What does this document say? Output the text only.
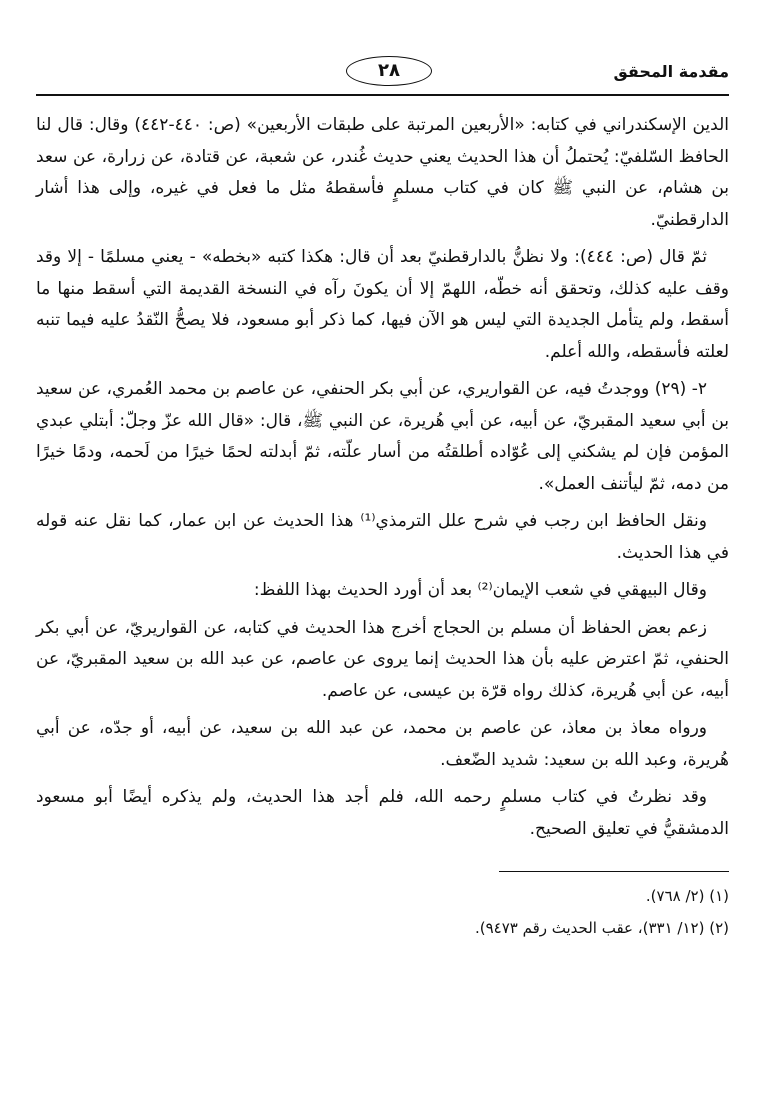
مقدمة المحقق
٢٨

الدين الإسكندراني في كتابه: «الأربعين المرتبة على طبقات الأربعين» (ص: ٤٤٠-٤٤٢) وقال: قال لنا الحافظ السّلفيّ: يُحتملُ أن هذا الحديث يعني حديث غُندر، عن شعبة، عن قتادة، عن زرارة، عن سعد بن هشام، عن النبي ﷺ كان في كتاب مسلمٍ فأسقطهُ مثل ما فعل في غيره، وإلى هذا أشار الدارقطنيّ.

ثمّ قال (ص: ٤٤٤): ولا نظنُّ بالدارقطنيّ بعد أن قال: هكذا كتبه «بخطه» - يعني مسلمًا - إلا وقد وقف عليه كذلك، وتحقق أنه خطّه، اللهمّ إلا أن يكونَ رآه في النسخة القديمة التي أسقط منها ما أسقط، ولم يتأمل الجديدة التي ليس هو الآن فيها، كما ذكر أبو مسعود، فلا يصحُّ النّقدُ عليه فيما تنبه لعلته فأسقطه، والله أعلم.

٢- (٢٩) ووجدتُ فيه، عن القواريري، عن أبي بكر الحنفي، عن عاصم بن محمد العُمري، عن سعيد بن أبي سعيد المقبريّ، عن أبيه، عن أبي هُريرة، عن النبي ﷺ، قال: «قال الله عزّ وجلّ: أبتلي عبدي المؤمن فإن لم يشكني إلى عُوّاده أطلقتُه من أسار علّته، ثمّ أبدلته لحمًا خيرًا من لَحمه، ودمًا خيرًا من دمه، ثمّ ليأتنف العمل».

ونقل الحافظ ابن رجب في شرح علل الترمذي⁽¹⁾ هذا الحديث عن ابن عمار، كما نقل عنه قوله في هذا الحديث.

وقال البيهقي في شعب الإيمان⁽²⁾ بعد أن أورد الحديث بهذا اللفظ:

زعم بعض الحفاظ أن مسلم بن الحجاج أخرج هذا الحديث في كتابه، عن القواريريّ، عن أبي بكر الحنفي، ثمّ اعترض عليه بأن هذا الحديث إنما يروى عن عاصم، عن عبد الله بن سعيد المقبريّ، عن أبيه، عن أبي هُريرة، كذلك رواه قرّة بن عيسى، عن عاصم.

ورواه معاذ بن معاذ، عن عاصم بن محمد، عن عبد الله بن سعيد، عن أبيه، أو جدّه، عن أبي هُريرة، وعبد الله بن سعيد: شديد الضّعف.

وقد نظرتُ في كتاب مسلمٍ رحمه الله، فلم أجد هذا الحديث، ولم يذكره أيضًا أبو مسعود الدمشقيُّ في تعليق الصحيح.

(١) (٢/ ٧٦٨).
(٢) (١٢/ ٣٣١)، عقب الحديث رقم ٩٤٧٣).
